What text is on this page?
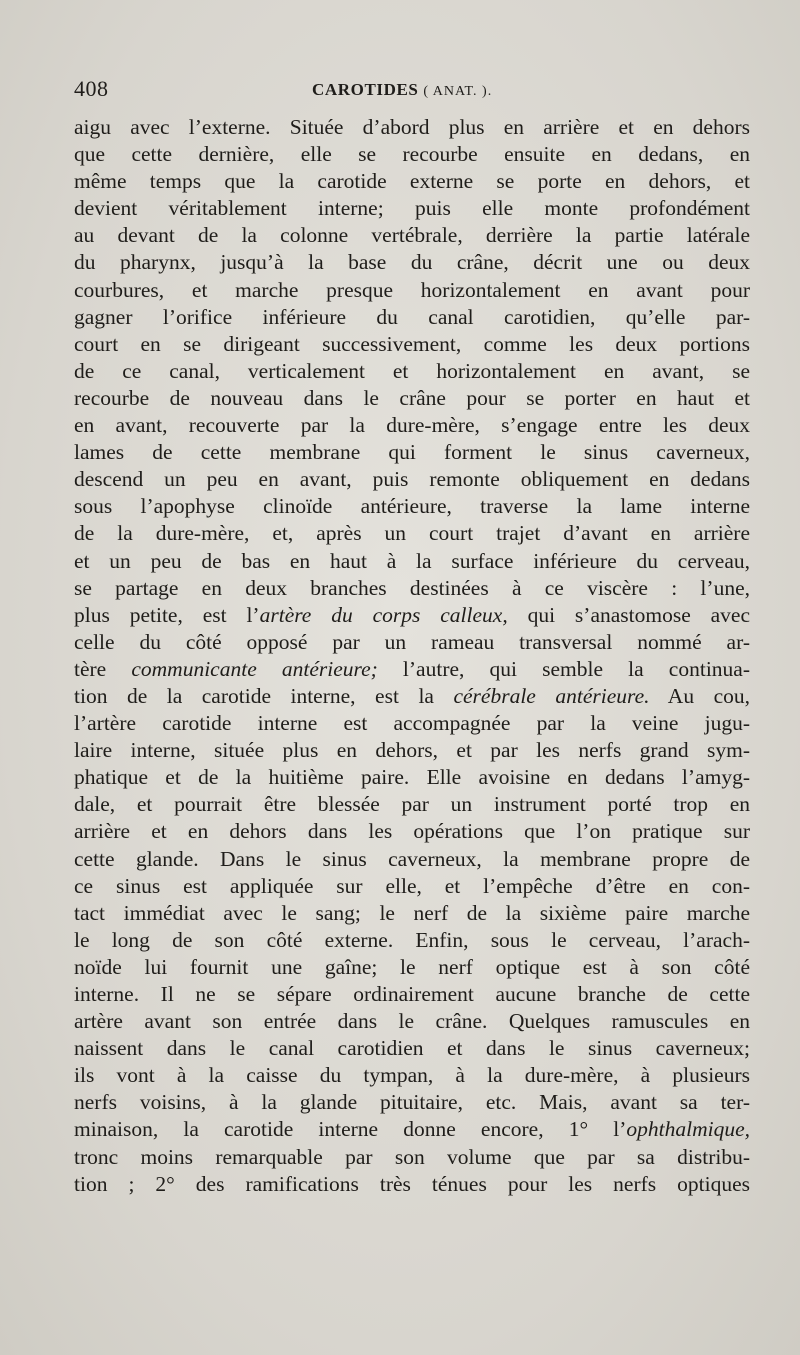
408	CAROTIDES ( ANAT. ).
aigu avec l’externe. Située d’abord plus en arrière et en dehors
que cette dernière, elle se recourbe ensuite en dedans, en
même temps que la carotide externe se porte en dehors, et
devient véritablement interne; puis elle monte profondément
au devant de la colonne vertébrale, derrière la partie latérale
du pharynx, jusqu’à la base du crâne, décrit une ou deux
courbures, et marche presque horizontalement en avant pour
gagner l’orifice inférieure du canal carotidien, qu’elle par-
court en se dirigeant successivement, comme les deux portions
de ce canal, verticalement et horizontalement en avant, se
recourbe de nouveau dans le crâne pour se porter en haut et
en avant, recouverte par la dure-mère, s’engage entre les deux
lames de cette membrane qui forment le sinus caverneux,
descend un peu en avant, puis remonte obliquement en dedans
sous l’apophyse clinoïde antérieure, traverse la lame interne
de la dure-mère, et, après un court trajet d’avant en arrière
et un peu de bas en haut à la surface inférieure du cerveau,
se partage en deux branches destinées à ce viscère : l’une,
plus petite, est l’artère du corps calleux, qui s’anastomose avec
celle du côté opposé par un rameau transversal nommé ar-
tère communicante antérieure; l’autre, qui semble la continua-
tion de la carotide interne, est la cérébrale antérieure. Au cou,
l’artère carotide interne est accompagnée par la veine jugu-
laire interne, située plus en dehors, et par les nerfs grand sym-
phatique et de la huitième paire. Elle avoisine en dedans l’amyg-
dale, et pourrait être blessée par un instrument porté trop en
arrière et en dehors dans les opérations que l’on pratique sur
cette glande. Dans le sinus caverneux, la membrane propre de
ce sinus est appliquée sur elle, et l’empêche d’être en con-
tact immédiat avec le sang; le nerf de la sixième paire marche
le long de son côté externe. Enfin, sous le cerveau, l’arach-
noïde lui fournit une gaîne; le nerf optique est à son côté
interne. Il ne se sépare ordinairement aucune branche de cette
artère avant son entrée dans le crâne. Quelques ramuscules en
naissent dans le canal carotidien et dans le sinus caverneux;
ils vont à la caisse du tympan, à la dure-mère, à plusieurs
nerfs voisins, à la glande pituitaire, etc. Mais, avant sa ter-
minaison, la carotide interne donne encore, 1° l’ophthalmique,
tronc moins remarquable par son volume que par sa distribu-
tion ; 2° des ramifications très ténues pour les nerfs optiques
